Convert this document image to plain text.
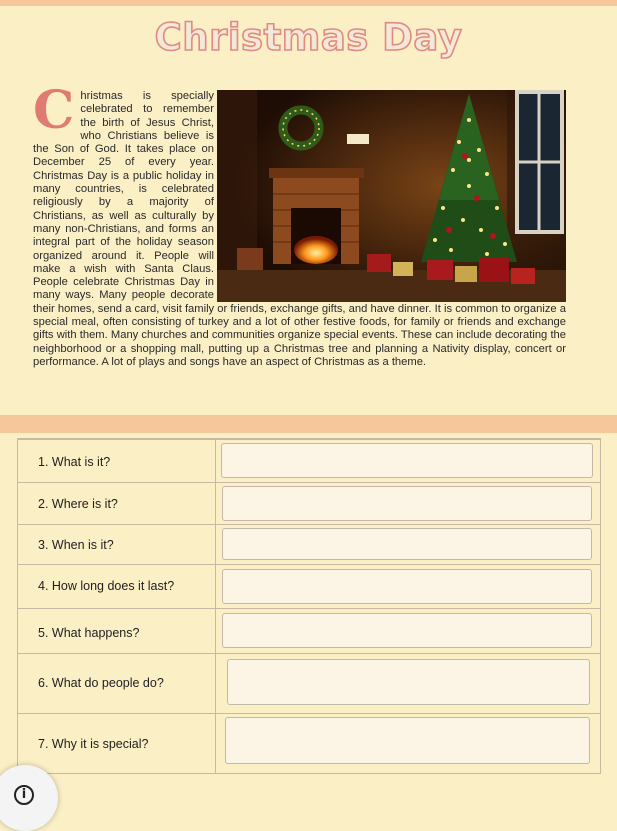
Christmas Day

Christmas is specially celebrated to remember the birth of Jesus Christ, who Christians believe is the Son of God. It takes place on December 25 of every year. Christmas Day is a public holiday in many countries, is celebrated religiously by a majority of Christians, as well as culturally by many non-Christians, and forms an integral part of the holiday season organized around it. People will make a wish with Santa Claus. People celebrate Christmas Day in many ways. Many people decorate their homes, send a card, visit family or friends, exchange gifts, and have dinner. It is common to organize a special meal, often consisting of turkey and a lot of other festive foods, for family or friends and exchange gifts with them. Many churches and communities organize special events. These can include decorating the neighborhood or a shopping mall, putting up a Christmas tree and planning a Nativity display, concert or performance. A lot of plays and songs have an aspect of Christmas as a theme.

1. What is it?
2. Where is it?
3. When is it?
4. How long does it last?
5. What happens?
6. What do people do?
7. Why it is special?
i
